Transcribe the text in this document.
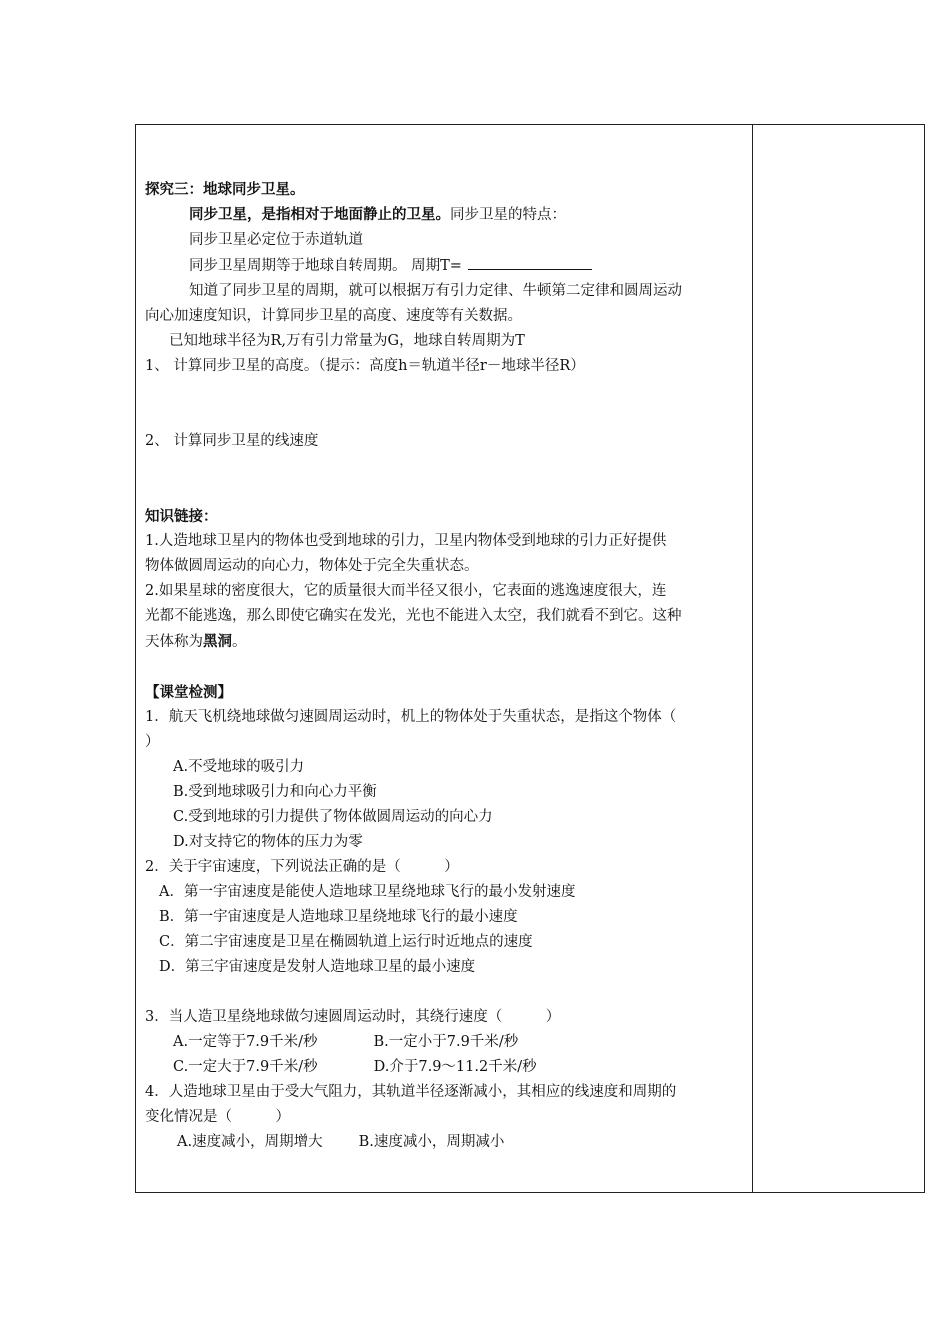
探究三：地球同步卫星。

同步卫星，是指相对于地面静止的卫星。同步卫星的特点：

同步卫星必定位于赤道轨道

同步卫星周期等于地球自转周期。 周期T=

知道了同步卫星的周期，就可以根据万有引力定律、牛顿第二定律和圆周运动

向心加速度知识，计算同步卫星的高度、速度等有关数据。

已知地球半径为R,万有引力常量为G，地球自转周期为T

1、 计算同步卫星的高度。（提示：高度h＝轨道半径r－地球半径R）

2、 计算同步卫星的线速度

知识链接：

1.人造地球卫星内的物体也受到地球的引力，卫星内物体受到地球的引力正好提供

物体做圆周运动的向心力，物体处于完全失重状态。

2.如果星球的密度很大，它的质量很大而半径又很小，它表面的逃逸速度很大，连

光都不能逃逸，那么即使它确实在发光，光也不能进入太空，我们就看不到它。这种

天体称为黑洞。

【课堂检测】

1．航天飞机绕地球做匀速圆周运动时，机上的物体处于失重状态，是指这个物体（

）

A.不受地球的吸引力

B.受到地球吸引力和向心力平衡

C.受到地球的引力提供了物体做圆周运动的向心力

D.对支持它的物体的压力为零

2．关于宇宙速度，下列说法正确的是（　　　）

A．第一宇宙速度是能使人造地球卫星绕地球飞行的最小发射速度

B．第一宇宙速度是人造地球卫星绕地球飞行的最小速度

C．第二宇宙速度是卫星在椭圆轨道上运行时近地点的速度

D．第三宇宙速度是发射人造地球卫星的最小速度

3．当人造卫星绕地球做匀速圆周运动时，其绕行速度（　　　）

A.一定等于7.9千米/秒	B.一定小于7.9千米/秒

C.一定大于7.9千米/秒	D.介于7.9～11.2千米/秒

4．人造地球卫星由于受大气阻力，其轨道半径逐渐减小，其相应的线速度和周期的

变化情况是（　　　）

A.速度减小，周期增大 B.速度减小，周期减小
